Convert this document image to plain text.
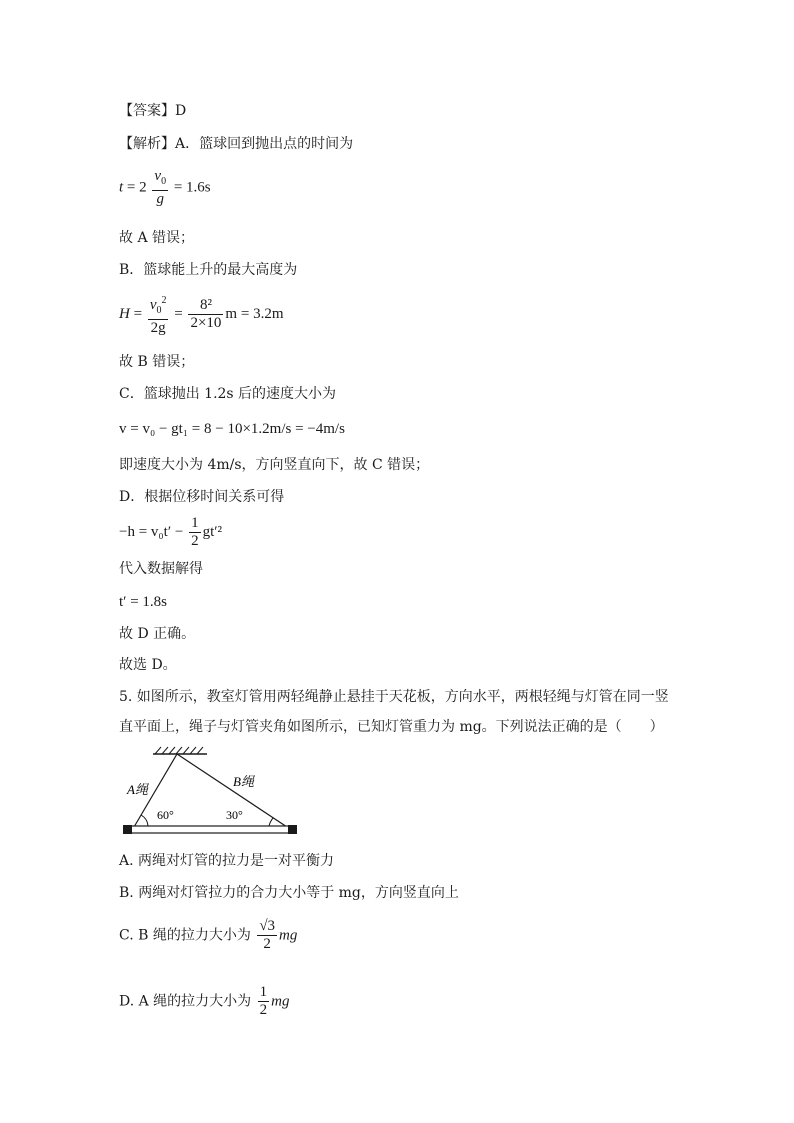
【答案】D
【解析】A．篮球回到抛出点的时间为
$t = 2 \frac{v_0}{g} = 1.6s$
故 A 错误；
B．篮球能上升的最大高度为
$H = \frac{v_0^2}{2g} = \frac{\text{8²}}{2\times 10}$ m = 3.2m
故 B 错误；
C．篮球抛出 1.2s 后的速度大小为
v = v₀ − gt₁ = 8 − 10×1.2m/s = −4m/s
即速度大小为 4m/s，方向竖直向下，故 C 错误；
D．根据位移时间关系可得
$-h = v_0t' - \frac{1}{2} gt'^2$
代入数据解得
t′ = 1.8s
故 D 正确。
故选 D。
5. 如图所示，教室灯管用两轻绳静止悬挂于天花板，方向水平，两根轻绳与灯管在同一竖
直平面上，绳子与灯管夹角如图所示，已知灯管重力为 mg。下列说法正确的是（　　）
A绳
B绳
60°	30°
A. 两绳对灯管的拉力是一对平衡力
B. 两绳对灯管拉力的合力大小等于 mg，方向竖直向上
C. B 绳的拉力大小为 $\frac{√3}{2}$ mg
D. A 绳的拉力大小为 $\frac{1}{2}$ mg
